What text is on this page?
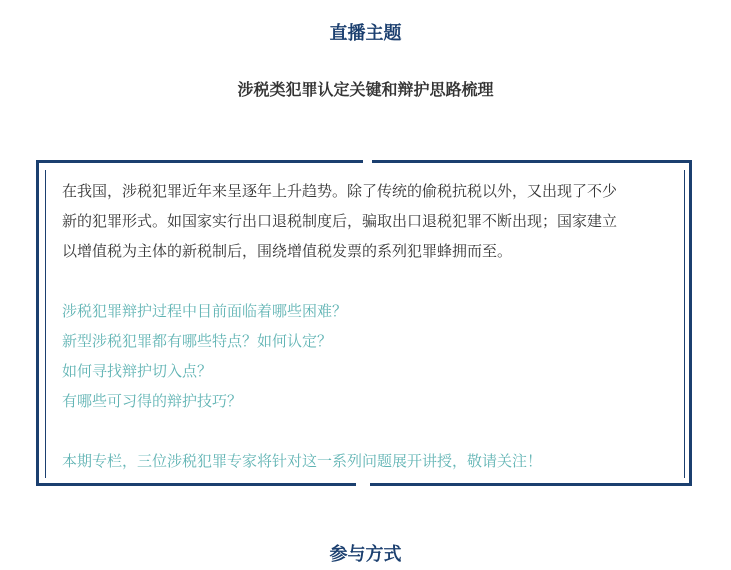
直播主题
涉税类犯罪认定关键和辩护思路梳理

在我国，涉税犯罪近年来呈逐年上升趋势。除了传统的偷税抗税以外，又出现了不少

新的犯罪形式。如国家实行出口退税制度后，骗取出口退税犯罪不断出现；国家建立

以增值税为主体的新税制后，围绕增值税发票的系列犯罪蜂拥而至。

涉税犯罪辩护过程中目前面临着哪些困难？

新型涉税犯罪都有哪些特点？如何认定？

如何寻找辩护切入点？

有哪些可习得的辩护技巧？

本期专栏，三位涉税犯罪专家将针对这一系列问题展开讲授，敬请关注！

参与方式
